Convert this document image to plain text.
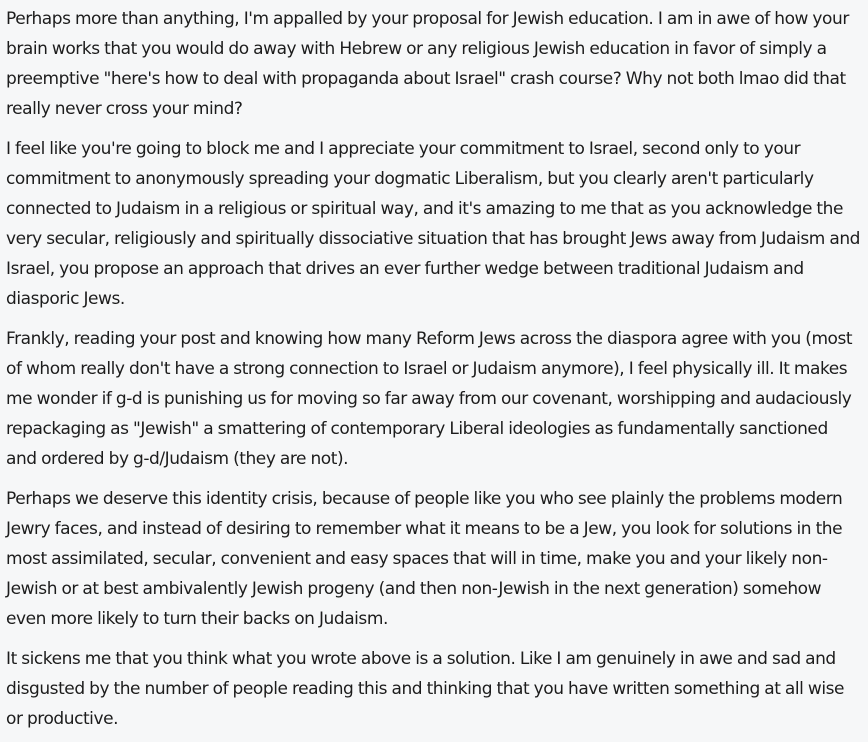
Perhaps more than anything, I'm appalled by your proposal for Jewish education. I am in awe of how your brain works that you would do away with Hebrew or any religious Jewish education in favor of simply a preemptive "here's how to deal with propaganda about Israel" crash course? Why not both lmao did that really never cross your mind?

I feel like you're going to block me and I appreciate your commitment to Israel, second only to your commitment to anonymously spreading your dogmatic Liberalism, but you clearly aren't particularly connected to Judaism in a religious or spiritual way, and it's amazing to me that as you acknowledge the very secular, religiously and spiritually dissociative situation that has brought Jews away from Judaism and Israel, you propose an approach that drives an ever further wedge between traditional Judaism and diasporic Jews.

Frankly, reading your post and knowing how many Reform Jews across the diaspora agree with you (most of whom really don't have a strong connection to Israel or Judaism anymore), I feel physically ill. It makes me wonder if g-d is punishing us for moving so far away from our covenant, worshipping and audaciously repackaging as "Jewish" a smattering of contemporary Liberal ideologies as fundamentally sanctioned and ordered by g-d/Judaism (they are not).

Perhaps we deserve this identity crisis, because of people like you who see plainly the problems modern Jewry faces, and instead of desiring to remember what it means to be a Jew, you look for solutions in the most assimilated, secular, convenient and easy spaces that will in time, make you and your likely non-Jewish or at best ambivalently Jewish progeny (and then non-Jewish in the next generation) somehow even more likely to turn their backs on Judaism.

It sickens me that you think what you wrote above is a solution. Like I am genuinely in awe and sad and disgusted by the number of people reading this and thinking that you have written something at all wise or productive.
